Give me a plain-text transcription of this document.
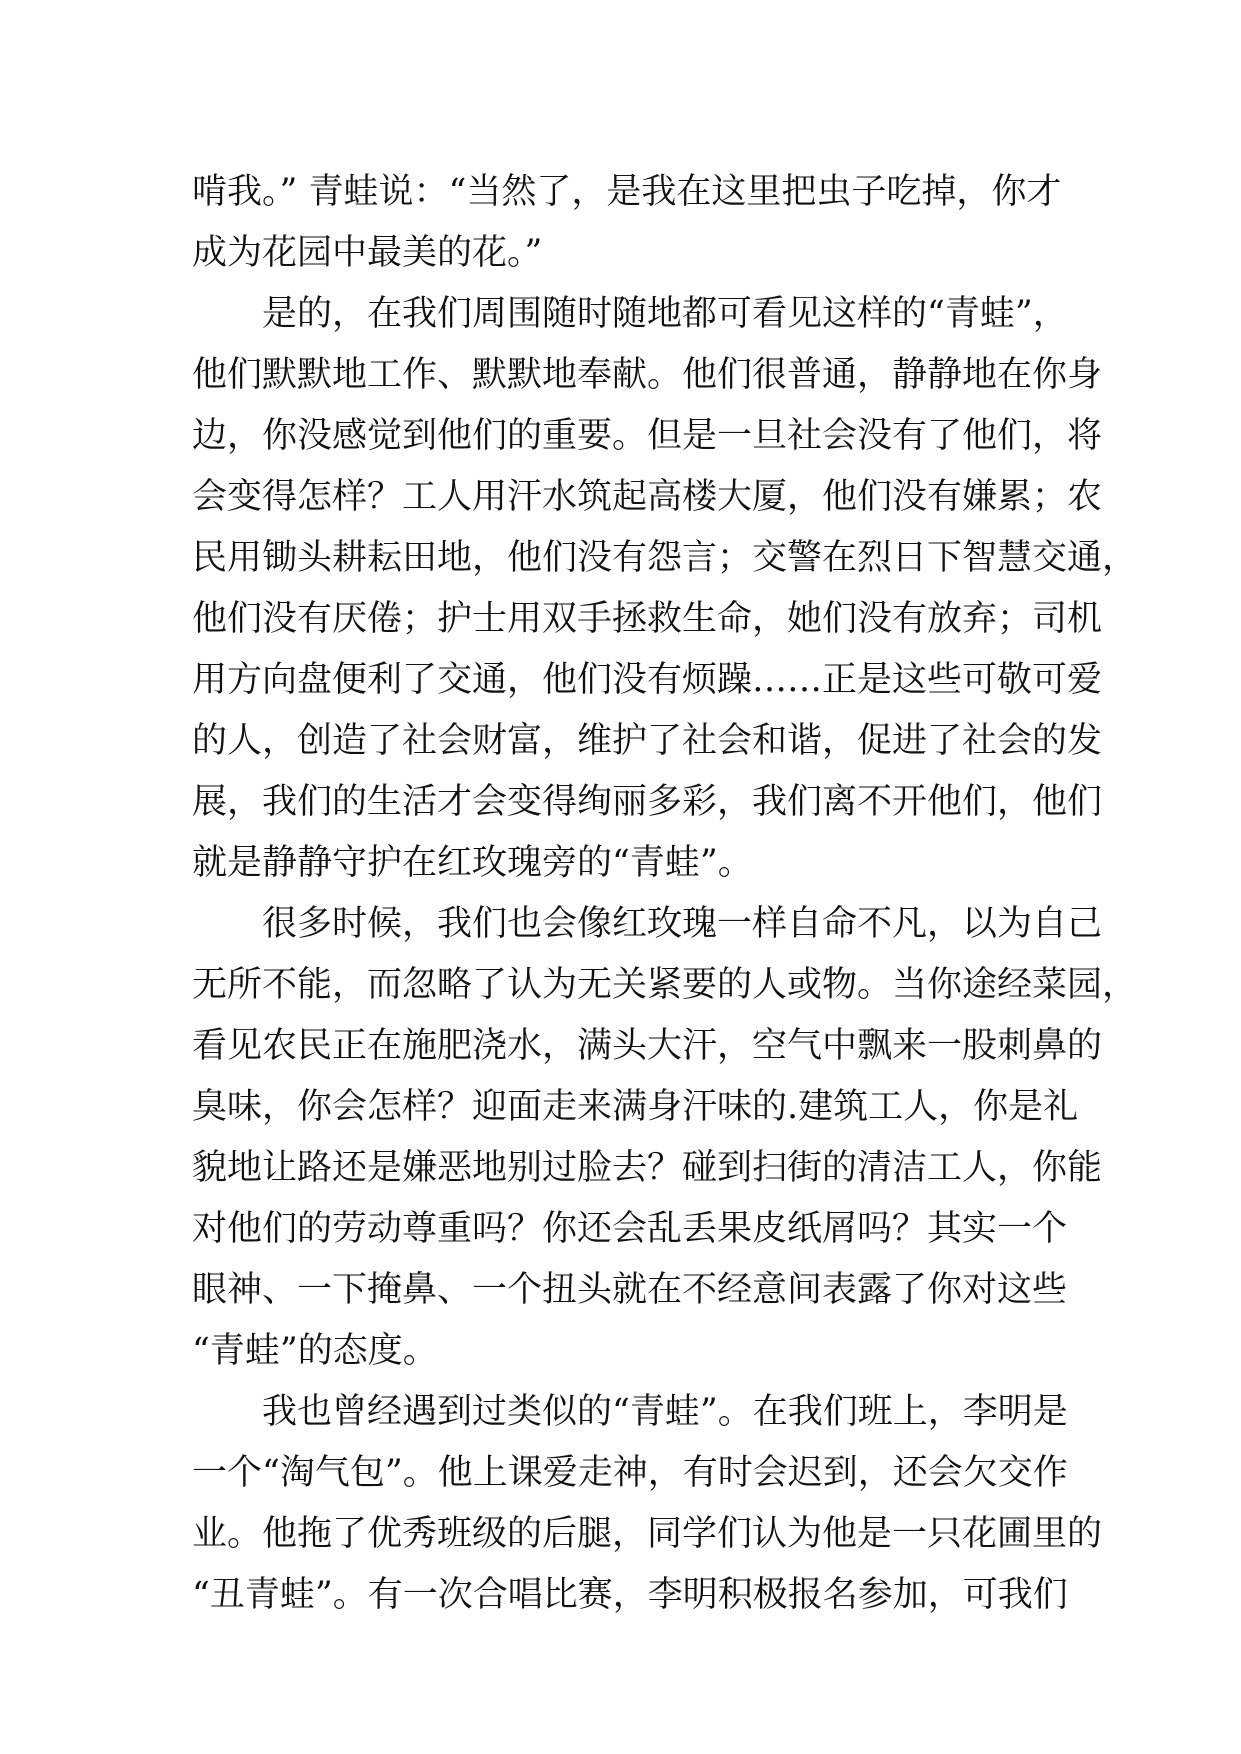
啃我。” 青蛙说：“当然了，是我在这里把虫子吃掉，你才
成为花园中最美的花。”
是的，在我们周围随时随地都可看见这样的“青蛙”，
他们默默地工作、默默地奉献。他们很普通，静静地在你身
边，你没感觉到他们的重要。但是一旦社会没有了他们，将
会变得怎样？工人用汗水筑起高楼大厦，他们没有嫌累；农
民用锄头耕耘田地，他们没有怨言；交警在烈日下智慧交通，
他们没有厌倦；护士用双手拯救生命，她们没有放弃；司机
用方向盘便利了交通，他们没有烦躁……正是这些可敬可爱
的人，创造了社会财富，维护了社会和谐，促进了社会的发
展，我们的生活才会变得绚丽多彩，我们离不开他们，他们
就是静静守护在红玫瑰旁的“青蛙”。
很多时候，我们也会像红玫瑰一样自命不凡，以为自己
无所不能，而忽略了认为无关紧要的人或物。当你途经菜园，
看见农民正在施肥浇水，满头大汗，空气中飘来一股刺鼻的
臭味，你会怎样？迎面走来满身汗味的.建筑工人，你是礼
貌地让路还是嫌恶地别过脸去？碰到扫街的清洁工人，你能
对他们的劳动尊重吗？你还会乱丢果皮纸屑吗？其实一个
眼神、一下掩鼻、一个扭头就在不经意间表露了你对这些
“青蛙”的态度。
我也曾经遇到过类似的“青蛙”。在我们班上，李明是
一个“淘气包”。他上课爱走神，有时会迟到，还会欠交作
业。他拖了优秀班级的后腿，同学们认为他是一只花圃里的
“丑青蛙”。有一次合唱比赛，李明积极报名参加，可我们
